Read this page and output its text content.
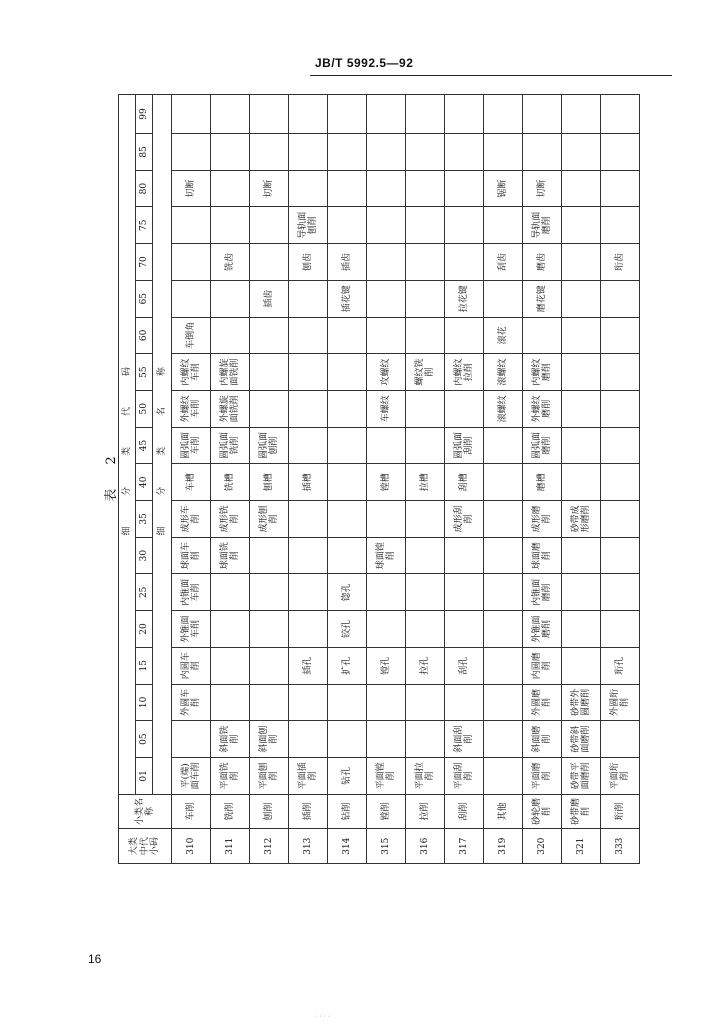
JB/T 5992.5—92
表 2
大类 中代 小码	小类名称	细 分 类 代 码																		
		01	05	10	15	20	25	30	35	40	45	50	55	60	65	70	75	80	85	99
		细 分 类 名 称																		

310	车削	平(端)面车削		外圆车削	内圆车削	外锥面车削	内锥面车削	球面车削	成形车削	车槽	圆弧面车削	外螺纹车削	内螺纹车削	车倒角				切断		
311	铣削	平面铣削	斜面铣削					球面铣削	成形铣削	铣槽	圆弧面铣削	外螺旋面铣削	内螺旋面铣削			铣齿				
312	刨削	平面刨削	斜面刨削						成形刨削	刨槽	圆弧面刨削				插齿			切断		
313	插削	平面插削			插孔					插槽						刨齿	导轨面刨削			
314	钻削	钻孔			扩孔	铰孔	锪孔								插花键	插齿				
315	镗削	平面镗削			镗孔			球面镗削		镗槽		车螺纹	攻螺纹							
316	拉削	平面拉削			拉孔					拉槽			螺纹铣削							
317	刮削	平面刮削	斜面刮削		刮孔				成形刮削	刮槽	圆弧面刮削		内螺纹拉削		拉花键					
319	其他											滚螺纹	滚螺纹	滚花		刮齿		锯断		
320	砂轮磨削	平面磨削	斜面磨削	外圆磨削	内圆磨削	外锥面磨削	内锥面磨削	球面磨削	成形磨削	磨槽	圆弧面磨削	外螺纹磨削	内螺纹磨削		磨花键	磨齿	导轨面磨削	切断		
321	砂带磨削	砂带平面磨削	砂带斜面磨削	砂带外圆磨削					砂带成形磨削											
333	珩削	平面珩削		外圆珩削	珩孔											珩齿				
16
· · · ·
